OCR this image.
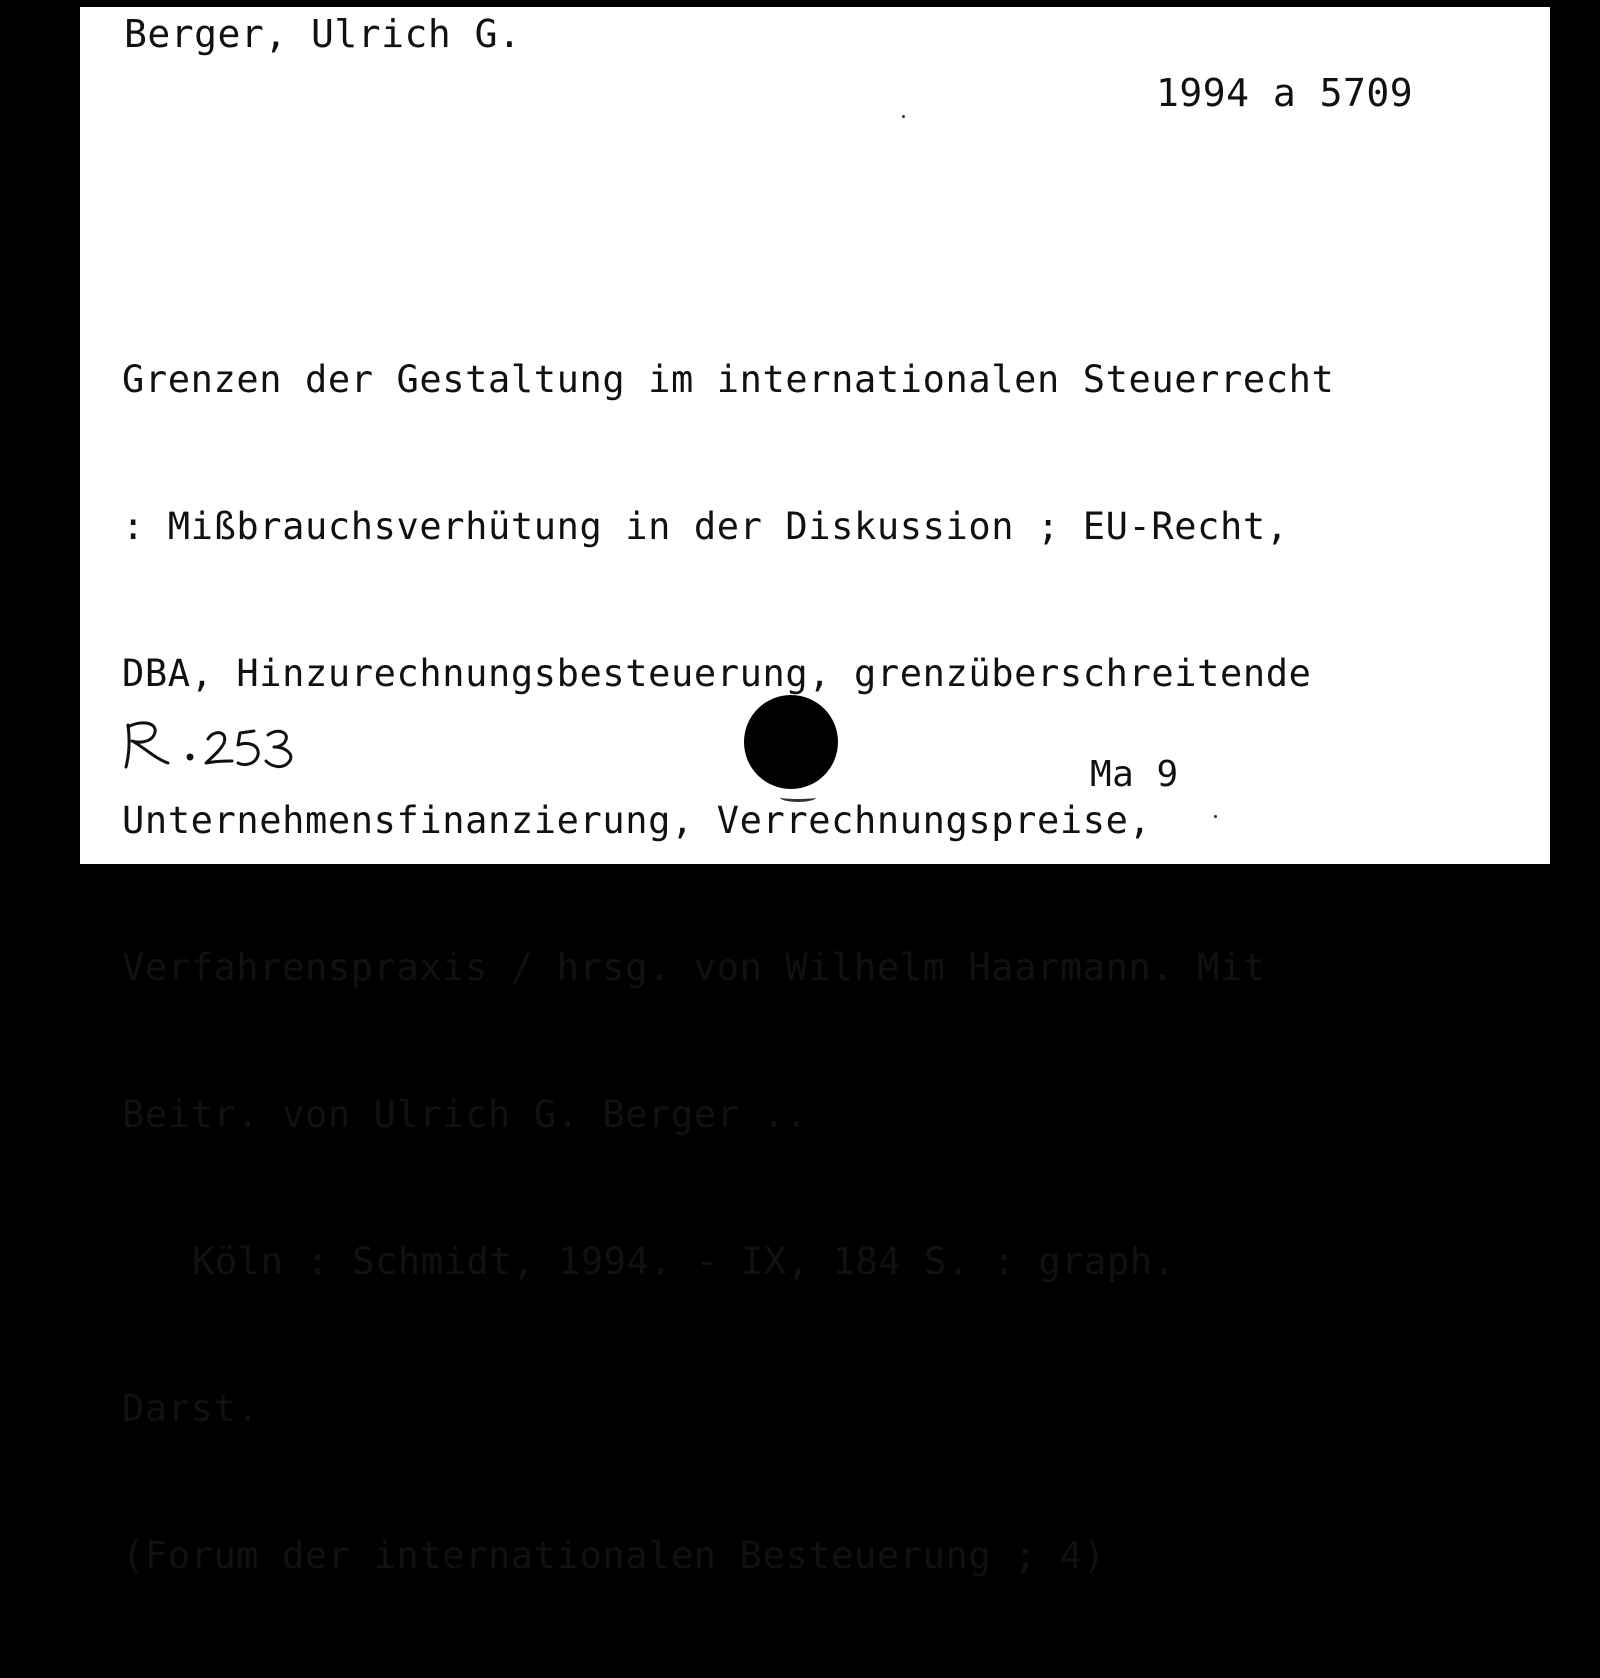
Berger, Ulrich G.
1994 a 5709

Grenzen der Gestaltung im internationalen Steuerrecht

: Mißbrauchsverhütung in der Diskussion ; EU-Recht,

DBA, Hinzurechnungsbesteuerung, grenzüberschreitende

Unternehmensfinanzierung, Verrechnungspreise,

Verfahrenspraxis / hrsg. von Wilhelm Haarmann. Mit

Beitr. von Ulrich G. Berger ..

Köln : Schmidt, 1994. - IX, 184 S. : graph.

Darst.

(Forum der internationalen Besteuerung ; 4)

Ma 9
